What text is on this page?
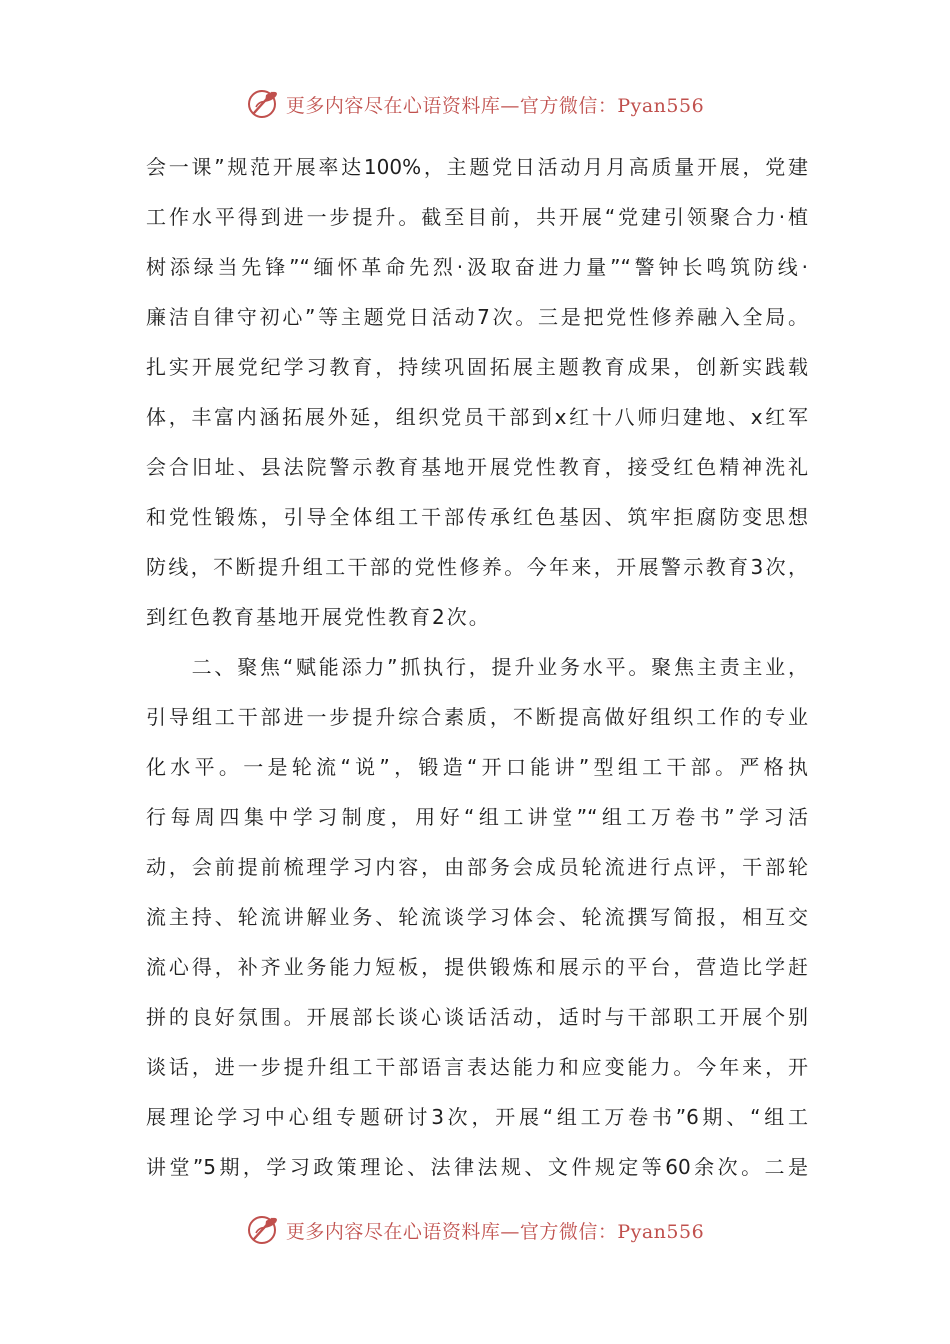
更多内容尽在心语资料库—官方微信：Pyan556
会一课”规范开展率达100%，主题党日活动月月高质量开展，党建
工作水平得到进一步提升。截至目前，共开展“党建引领聚合力·植
树添绿当先锋”“缅怀革命先烈·汲取奋进力量”“警钟长鸣筑防线·
廉洁自律守初心”等主题党日活动7次。三是把党性修养融入全局。
扎实开展党纪学习教育，持续巩固拓展主题教育成果，创新实践载
体，丰富内涵拓展外延，组织党员干部到x红十八师归建地、x红军
会合旧址、县法院警示教育基地开展党性教育，接受红色精神洗礼
和党性锻炼，引导全体组工干部传承红色基因、筑牢拒腐防变思想
防线，不断提升组工干部的党性修养。今年来，开展警示教育3次，
到红色教育基地开展党性教育2次。
　　二、聚焦“赋能添力”抓执行，提升业务水平。聚焦主责主业，
引导组工干部进一步提升综合素质，不断提高做好组织工作的专业
化水平。一是轮流“说”，锻造“开口能讲”型组工干部。严格执
行每周四集中学习制度，用好“组工讲堂”“组工万卷书”学习活
动，会前提前梳理学习内容，由部务会成员轮流进行点评，干部轮
流主持、轮流讲解业务、轮流谈学习体会、轮流撰写简报，相互交
流心得，补齐业务能力短板，提供锻炼和展示的平台，营造比学赶
拼的良好氛围。开展部长谈心谈话活动，适时与干部职工开展个别
谈话，进一步提升组工干部语言表达能力和应变能力。今年来，开
展理论学习中心组专题研讨3次，开展“组工万卷书”6期、“组工
讲堂”5期，学习政策理论、法律法规、文件规定等60余次。二是
更多内容尽在心语资料库—官方微信：Pyan556
